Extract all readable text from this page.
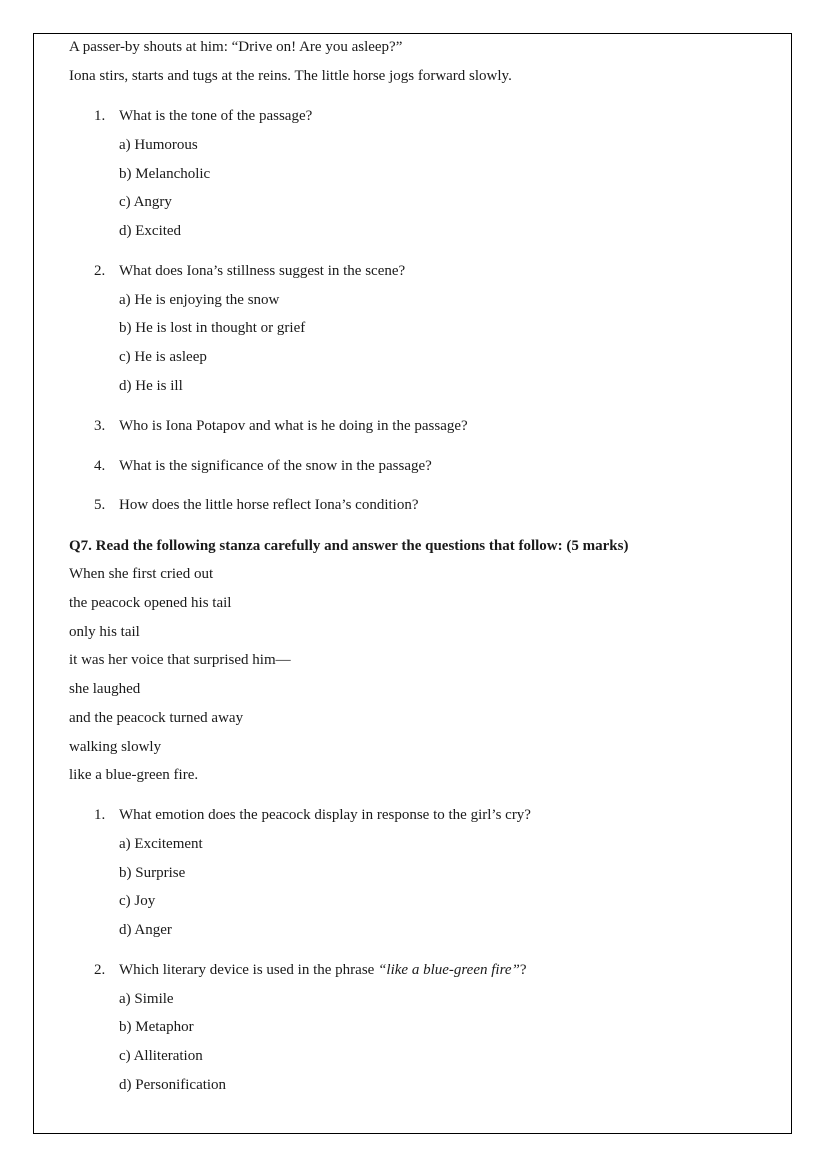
A passer-by shouts at him: “Drive on! Are you asleep?”
Iona stirs, starts and tugs at the reins. The little horse jogs forward slowly.
1. What is the tone of the passage?
a) Humorous
b) Melancholic
c) Angry
d) Excited
2. What does Iona’s stillness suggest in the scene?
a) He is enjoying the snow
b) He is lost in thought or grief
c) He is asleep
d) He is ill
3. Who is Iona Potapov and what is he doing in the passage?
4. What is the significance of the snow in the passage?
5. How does the little horse reflect Iona’s condition?
Q7. Read the following stanza carefully and answer the questions that follow: (5 marks)
When she first cried out
the peacock opened his tail
only his tail
it was her voice that surprised him—
she laughed
and the peacock turned away
walking slowly
like a blue-green fire.
1. What emotion does the peacock display in response to the girl’s cry?
a) Excitement
b) Surprise
c) Joy
d) Anger
2. Which literary device is used in the phrase “like a blue-green fire”?
a) Simile
b) Metaphor
c) Alliteration
d) Personification
